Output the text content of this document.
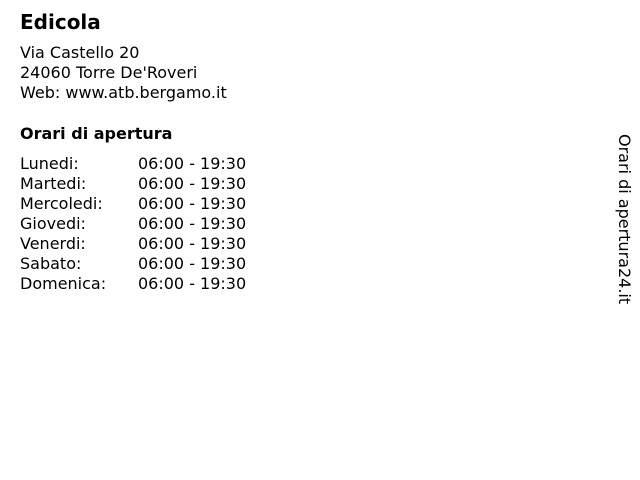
Edicola
Via Castello 20
24060 Torre De'Roveri
Web: www.atb.bergamo.it
Orari di apertura
Lunedi:	06:00 - 19:30
Martedi:	06:00 - 19:30
Mercoledi:	06:00 - 19:30
Giovedi:	06:00 - 19:30
Venerdi:	06:00 - 19:30
Sabato:	06:00 - 19:30
Domenica:	06:00 - 19:30	Orari di apertura24.it
